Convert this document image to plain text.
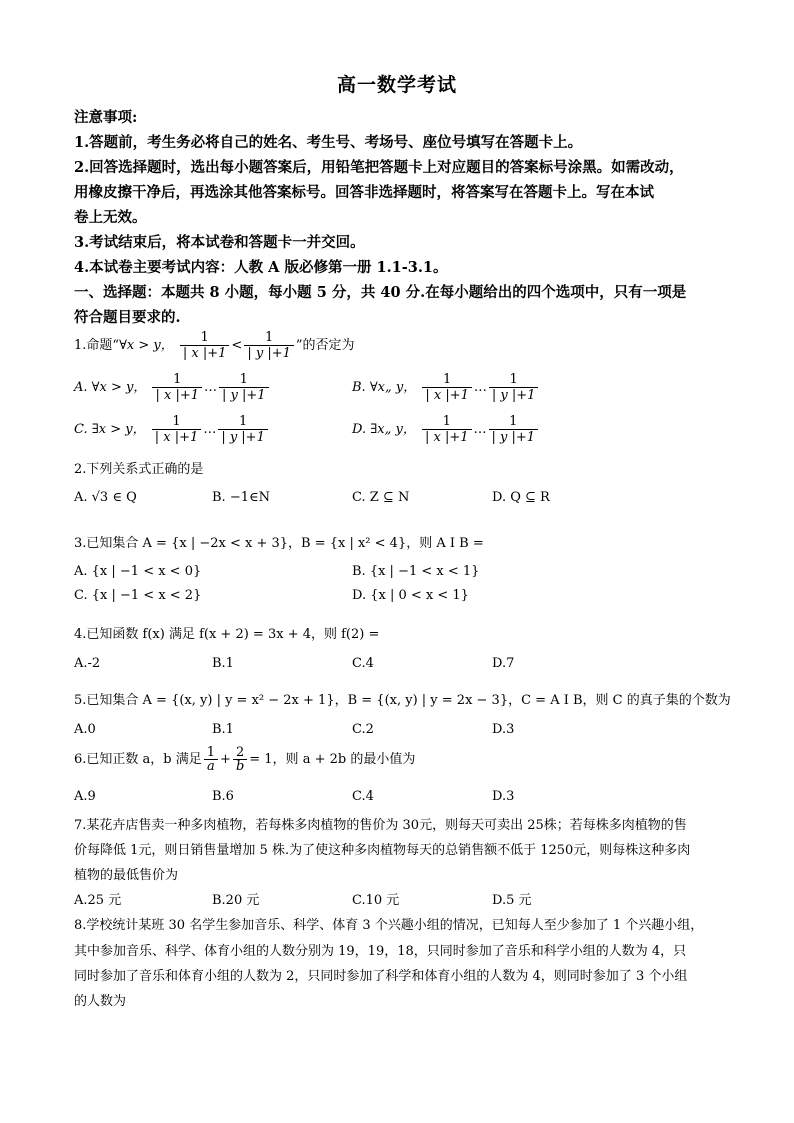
高一数学考试
注意事项:
1.答题前，考生务必将自己的姓名、考生号、考场号、座位号填写在答题卡上。
2.回答选择题时，选出每小题答案后，用铅笔把答题卡上对应题目的答案标号涂黑。如需改动，
用橡皮擦干净后，再选涂其他答案标号。回答非选择题时，将答案写在答题卡上。写在本试
卷上无效。
3.考试结束后，将本试卷和答题卡一并交回。
4.本试卷主要考试内容：人教 A 版必修第一册 1.1-3.1。
一、选择题：本题共 8 小题，每小题 5 分，共 40 分.在每小题给出的四个选项中，只有一项是
符合题目要求的.
1.命题“∀x > y， $\frac{1}{| x |+1} < \frac{1}{| y |+1}$ ”的否定为
A. ∀x > y， $\frac{1}{| x |+1}$ … $\frac{1}{| y |+1}$	B. ∀x„ y， $\frac{1}{| x |+1}$ … $\frac{1}{| y |+1}$
C. ∃x > y， $\frac{1}{| x |+1}$ … $\frac{1}{| y |+1}$	D. ∃x„ y， $\frac{1}{| x |+1}$ … $\frac{1}{| y |+1}$
2.下列关系式正确的是
A. √3 ∈ Q	B. −1∈N	C. Z ⊆ N	D. Q ⊆ R
3.已知集合 A = {x | −2x < x + 3}，B = {x | x² < 4}，则 A I B =
A. {x | −1 < x < 0}	B. {x | −1 < x < 1}
C. {x | −1 < x < 2}	D. {x | 0 < x < 1}
4.已知函数 f(x) 满足 f(x + 2) = 3x + 4，则 f(2) =
A.-2	B.1	C.4	D.7
5.已知集合 A = {(x, y) | y = x² − 2x + 1}，B = {(x, y) | y = 2x − 3}，C = A I B，则 C 的真子集的个数为
A.0	B.1	C.2	D.3
6.已知正数 a，b 满足 $\frac{1}{a} + \frac{2}{b} = 1$，则 a + 2b 的最小值为
A.9	B.6	C.4	D.3
7.某花卉店售卖一种多肉植物，若每株多肉植物的售价为 30元，则每天可卖出 25株；若每株多肉植物的售
价每降低 1元，则日销售量增加 5 株.为了使这种多肉植物每天的总销售额不低于 1250元，则每株这种多肉
植物的最低售价为
A.25 元	B.20 元	C.10 元	D.5 元
8.学校统计某班 30 名学生参加音乐、科学、体育 3 个兴趣小组的情况，已知每人至少参加了 1 个兴趣小组，
其中参加音乐、科学、体育小组的人数分别为 19，19，18，只同时参加了音乐和科学小组的人数为 4，只
同时参加了音乐和体育小组的人数为 2，只同时参加了科学和体育小组的人数为 4，则同时参加了 3 个小组
的人数为
